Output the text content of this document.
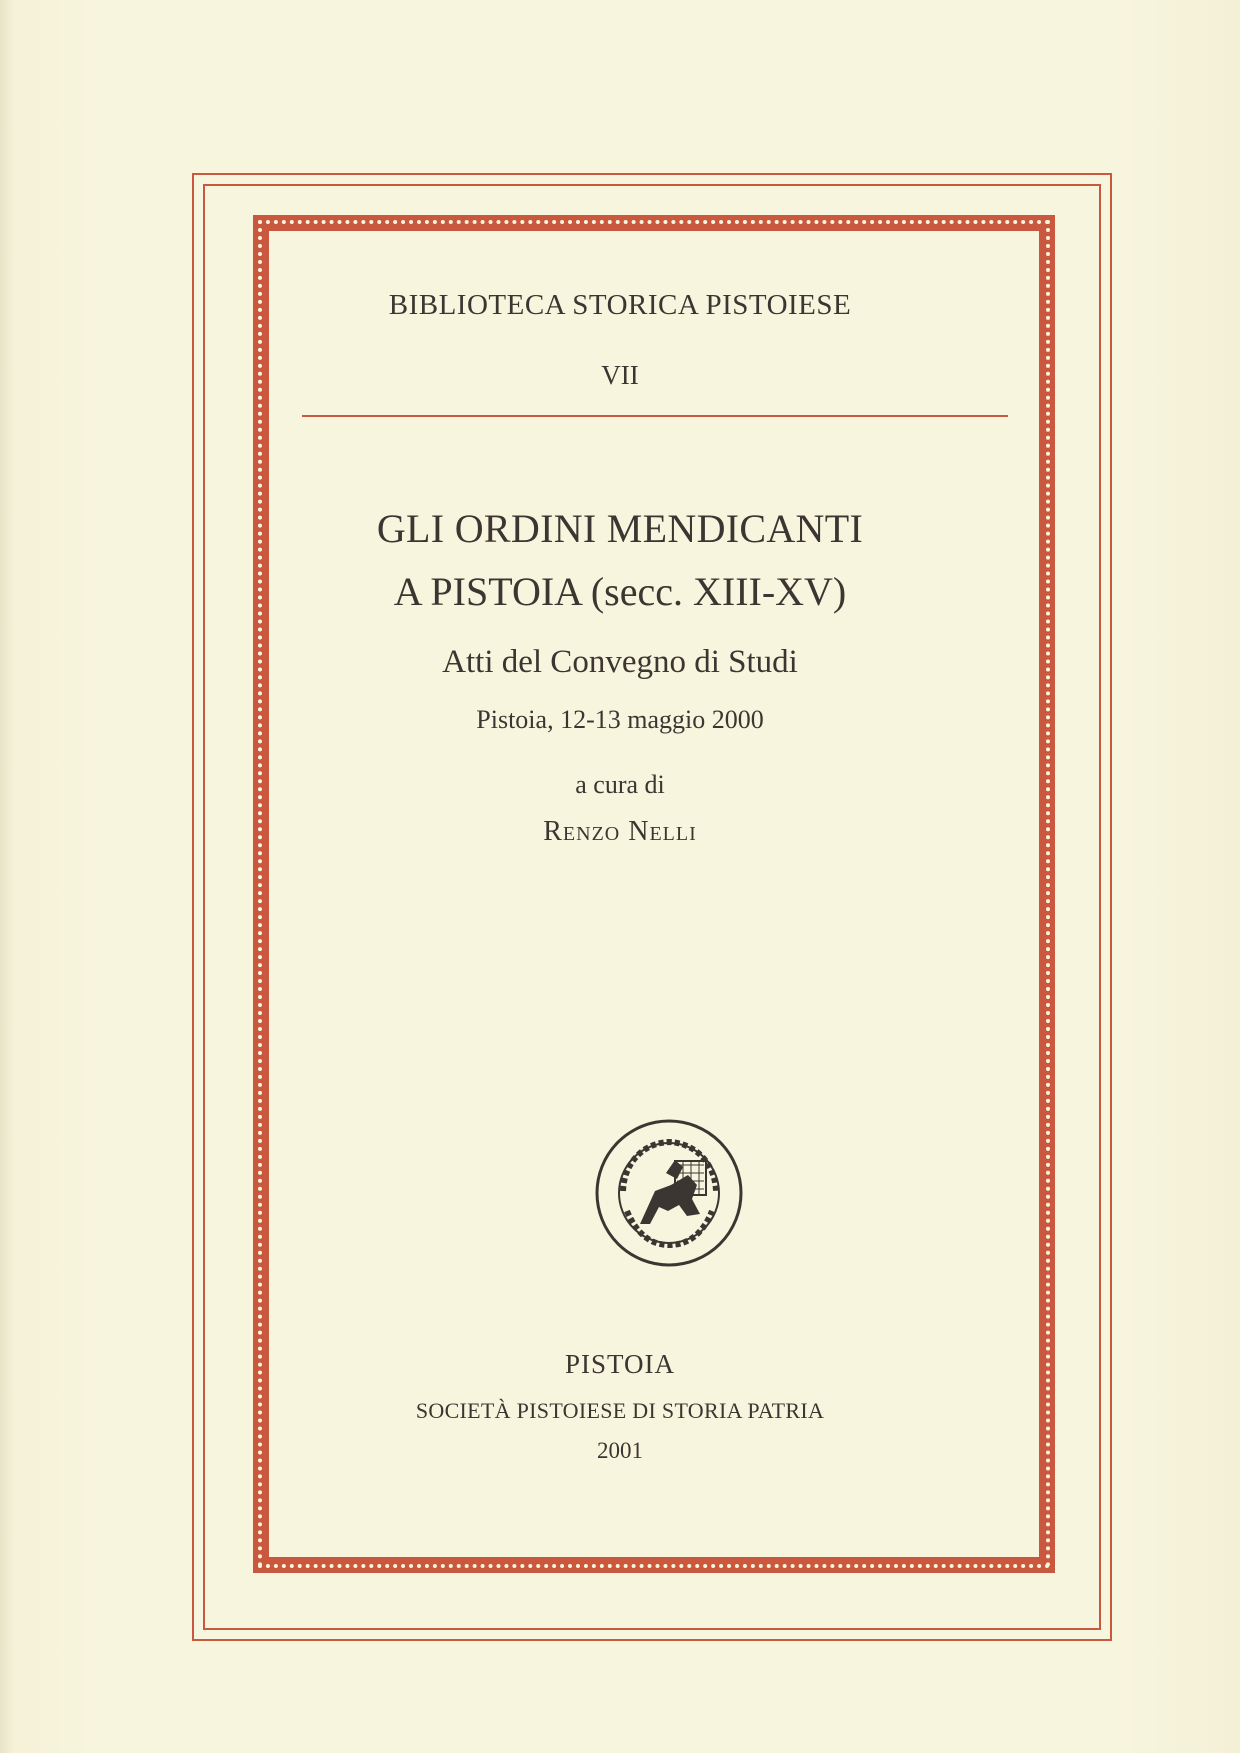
BIBLIOTECA STORICA PISTOIESE
VII
GLI ORDINI MENDICANTI
A PISTOIA (secc. XIII-XV)
Atti del Convegno di Studi
Pistoia, 12-13 maggio 2000
a cura di
Renzo Nelli
PISTOIA
SOCIETÀ PISTOIESE DI STORIA PATRIA
2001
